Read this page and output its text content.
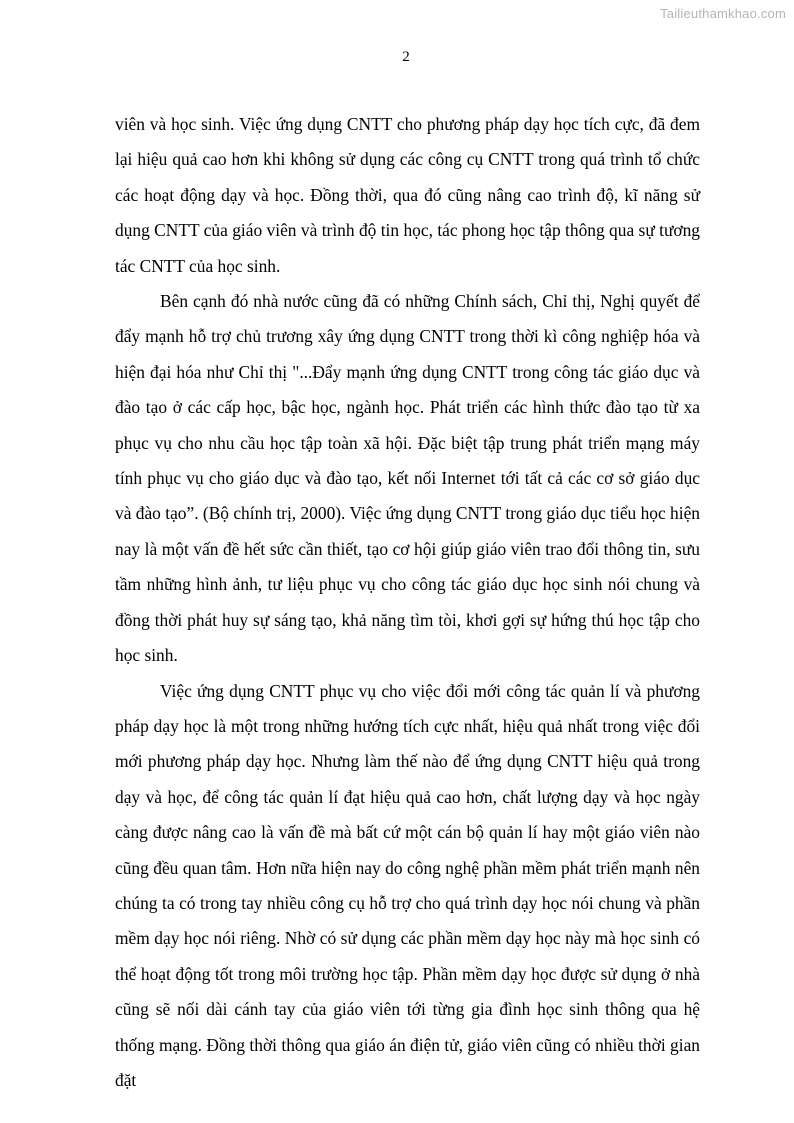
Tailieuthamkhao.com
2

viên và học sinh. Việc ứng dụng CNTT cho phương pháp dạy học tích cực, đã đem lại hiệu quả cao hơn khi không sử dụng các công cụ CNTT trong quá trình tổ chức các hoạt động dạy và học. Đồng thời, qua đó cũng nâng cao trình độ, kĩ năng sử dụng CNTT của giáo viên và trình độ tin học, tác phong học tập thông qua sự tương tác CNTT của học sinh.

Bên cạnh đó nhà nước cũng đã có những Chính sách, Chỉ thị, Nghị quyết để đẩy mạnh hỗ trợ chủ trương xây ứng dụng CNTT trong thời kì công nghiệp hóa và hiện đại hóa như Chỉ thị "...Đẩy mạnh ứng dụng CNTT trong công tác giáo dục và đào tạo ở các cấp học, bậc học, ngành học. Phát triển các hình thức đào tạo từ xa phục vụ cho nhu cầu học tập toàn xã hội. Đặc biệt tập trung phát triển mạng máy tính phục vụ cho giáo dục và đào tạo, kết nối Internet tới tất cả các cơ sở giáo dục và đào tạo”. (Bộ chính trị, 2000). Việc ứng dụng CNTT trong giáo dục tiểu học hiện nay là một vấn đề hết sức cần thiết, tạo cơ hội giúp giáo viên trao đổi thông tin, sưu tầm những hình ảnh, tư liệu phục vụ cho công tác giáo dục học sinh nói chung và đồng thời phát huy sự sáng tạo, khả năng tìm tòi, khơi gợi sự hứng thú học tập cho học sinh.

Việc ứng dụng CNTT phục vụ cho việc đổi mới công tác quản lí và phương pháp dạy học là một trong những hướng tích cực nhất, hiệu quả nhất trong việc đổi mới phương pháp dạy học. Nhưng làm thế nào để ứng dụng CNTT hiệu quả trong dạy và học, để công tác quản lí đạt hiệu quả cao hơn, chất lượng dạy và học ngày càng được nâng cao là vấn đề mà bất cứ một cán bộ quản lí hay một giáo viên nào cũng đều quan tâm. Hơn nữa hiện nay do công nghệ phần mềm phát triển mạnh nên chúng ta có trong tay nhiều công cụ hỗ trợ cho quá trình dạy học nói chung và phần mềm dạy học nói riêng. Nhờ có sử dụng các phần mềm dạy học này mà học sinh có thể hoạt động tốt trong môi trường học tập. Phần mềm dạy học được sử dụng ở nhà cũng sẽ nối dài cánh tay của giáo viên tới từng gia đình học sinh thông qua hệ thống mạng. Đồng thời thông qua giáo án điện tử, giáo viên cũng có nhiều thời gian đặt
